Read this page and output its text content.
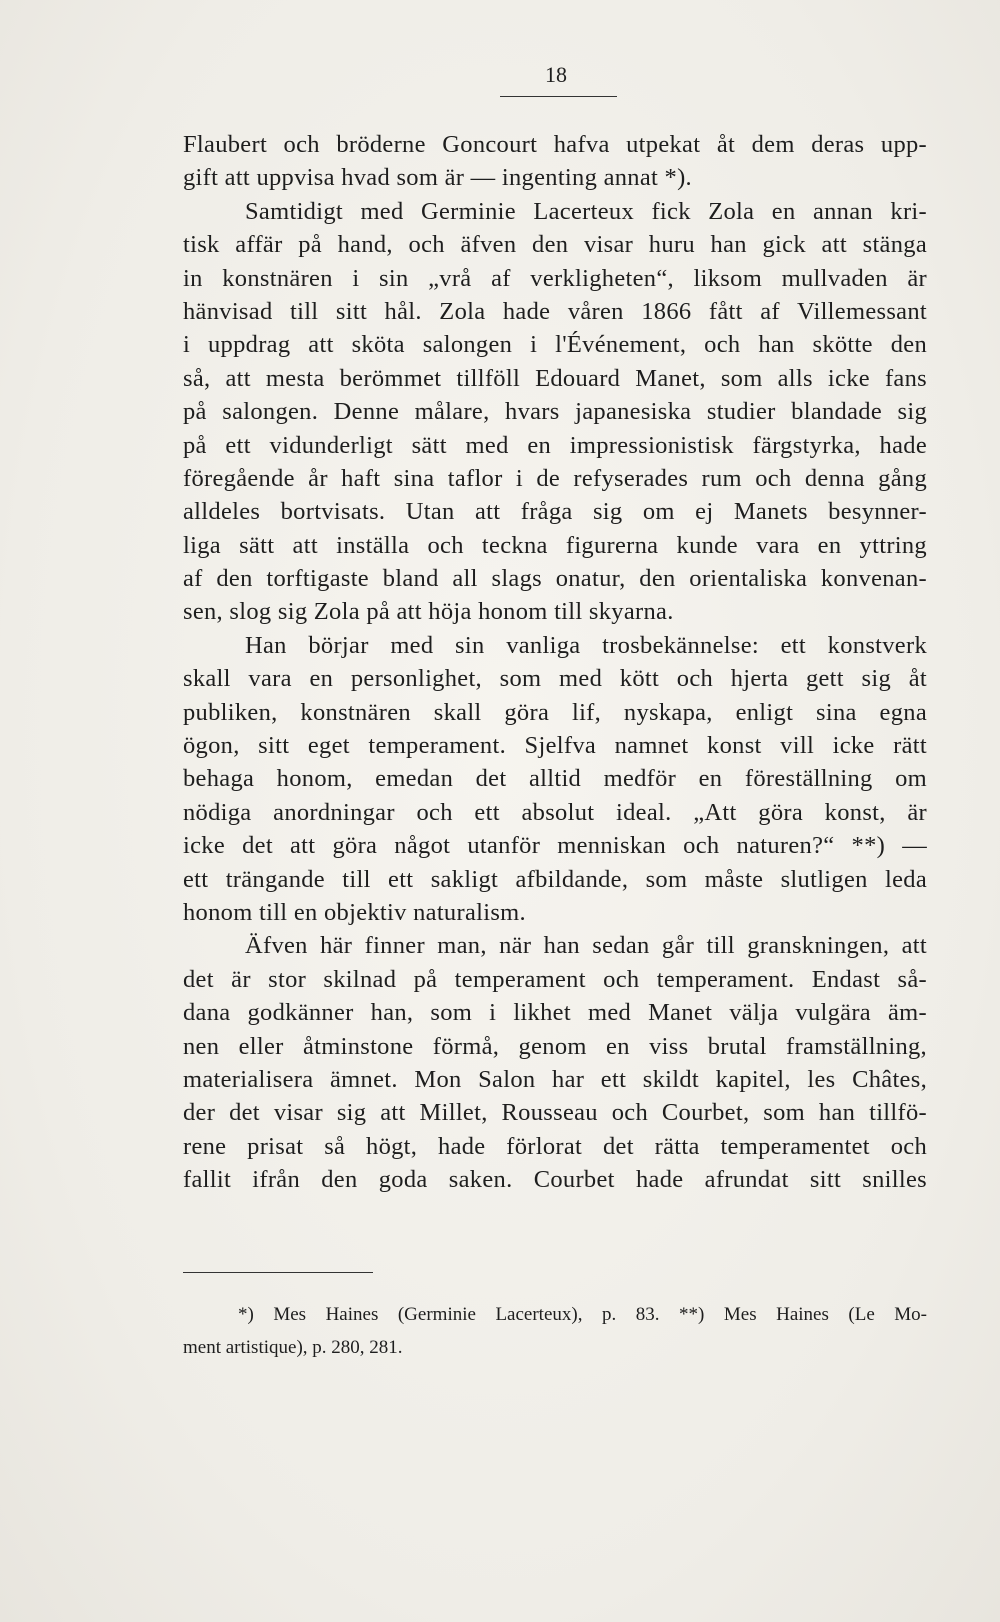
18
Flaubert och bröderne Goncourt hafva utpekat åt dem deras upp-
gift att uppvisa hvad som är — ingenting annat *).
Samtidigt med Germinie Lacerteux fick Zola en annan kri-
tisk affär på hand, och äfven den visar huru han gick att stänga
in konstnären i sin „vrå af verkligheten“, liksom mullvaden är
hänvisad till sitt hål. Zola hade våren 1866 fått af Villemessant
i uppdrag att sköta salongen i l'Événement, och han skötte den
så, att mesta berömmet tillföll Edouard Manet, som alls icke fans
på salongen. Denne målare, hvars japanesiska studier blandade sig
på ett vidunderligt sätt med en impressionistisk färgstyrka, hade
föregående år haft sina taflor i de refyserades rum och denna gång
alldeles bortvisats. Utan att fråga sig om ej Manets besynner-
liga sätt att inställa och teckna figurerna kunde vara en yttring
af den torftigaste bland all slags onatur, den orientaliska konvenan-
sen, slog sig Zola på att höja honom till skyarna.
Han börjar med sin vanliga trosbekännelse: ett konstverk
skall vara en personlighet, som med kött och hjerta gett sig åt
publiken, konstnären skall göra lif, nyskapa, enligt sina egna
ögon, sitt eget temperament. Sjelfva namnet konst vill icke rätt
behaga honom, emedan det alltid medför en föreställning om
nödiga anordningar och ett absolut ideal. „Att göra konst, är
icke det att göra något utanför menniskan och naturen?“ **) —
ett trängande till ett sakligt afbildande, som måste slutligen leda
honom till en objektiv naturalism.
Äfven här finner man, när han sedan går till granskningen, att
det är stor skilnad på temperament och temperament. Endast så-
dana godkänner han, som i likhet med Manet välja vulgära äm-
nen eller åtminstone förmå, genom en viss brutal framställning,
materialisera ämnet. Mon Salon har ett skildt kapitel, les Châtes,
der det visar sig att Millet, Rousseau och Courbet, som han tillfö-
rene prisat så högt, hade förlorat det rätta temperamentet och
fallit ifrån den goda saken. Courbet hade afrundat sitt snilles
*) Mes Haines (Germinie Lacerteux), p. 83. **) Mes Haines (Le Mo-
ment artistique), p. 280, 281.
